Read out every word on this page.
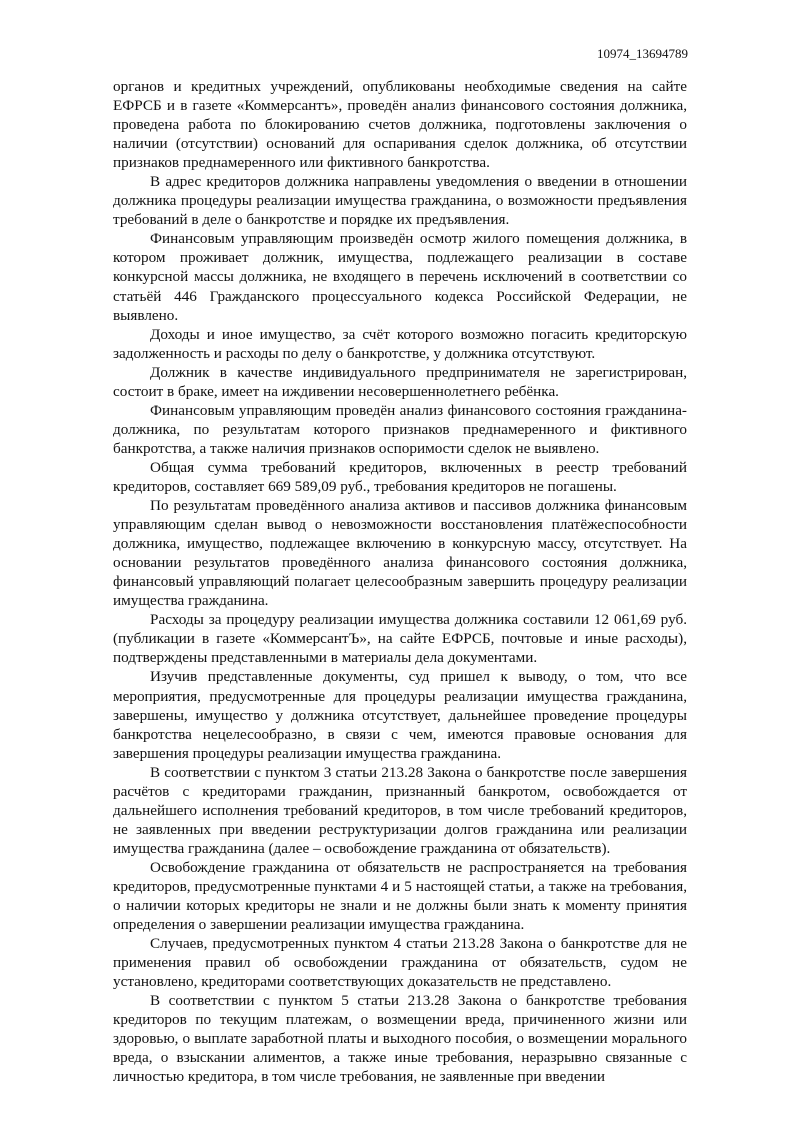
10974_13694789

органов и кредитных учреждений, опубликованы необходимые сведения на сайте ЕФРСБ и в газете «Коммерсантъ», проведён анализ финансового состояния должника, проведена работа по блокированию счетов должника, подготовлены заключения о наличии (отсутствии) оснований для оспаривания сделок должника, об отсутствии признаков преднамеренного или фиктивного банкротства.

В адрес кредиторов должника направлены уведомления о введении в отношении должника процедуры реализации имущества гражданина, о возможности предъявления требований в деле о банкротстве и порядке их предъявления.

Финансовым управляющим произведён осмотр жилого помещения должника, в котором проживает должник, имущества, подлежащего реализации в составе конкурсной массы должника, не входящего в перечень исключений в соответствии со статьёй 446 Гражданского процессуального кодекса Российской Федерации, не выявлено.

Доходы и иное имущество, за счёт которого возможно погасить кредиторскую задолженность и расходы по делу о банкротстве, у должника отсутствуют.

Должник в качестве индивидуального предпринимателя не зарегистрирован, состоит в браке, имеет на иждивении несовершеннолетнего ребёнка.

Финансовым управляющим проведён анализ финансового состояния гражданина-должника, по результатам которого признаков преднамеренного и фиктивного банкротства, а также наличия признаков оспоримости сделок не выявлено.

Общая сумма требований кредиторов, включенных в реестр требований кредиторов, составляет 669 589,09 руб., требования кредиторов не погашены.

По результатам проведённого анализа активов и пассивов должника финансовым управляющим сделан вывод о невозможности восстановления платёжеспособности должника, имущество, подлежащее включению в конкурсную массу, отсутствует. На основании результатов проведённого анализа финансового состояния должника, финансовый управляющий полагает целесообразным завершить процедуру реализации имущества гражданина.

Расходы за процедуру реализации имущества должника составили 12 061,69 руб. (публикации в газете «КоммерсантЪ», на сайте ЕФРСБ, почтовые и иные расходы), подтверждены представленными в материалы дела документами.

Изучив представленные документы, суд пришел к выводу, о том, что все мероприятия, предусмотренные для процедуры реализации имущества гражданина, завершены, имущество у должника отсутствует, дальнейшее проведение процедуры банкротства нецелесообразно, в связи с чем, имеются правовые основания для завершения процедуры реализации имущества гражданина.

В соответствии с пунктом 3 статьи 213.28 Закона о банкротстве после завершения расчётов с кредиторами гражданин, признанный банкротом, освобождается от дальнейшего исполнения требований кредиторов, в том числе требований кредиторов, не заявленных при введении реструктуризации долгов гражданина или реализации имущества гражданина (далее – освобождение гражданина от обязательств).

Освобождение гражданина от обязательств не распространяется на требования кредиторов, предусмотренные пунктами 4 и 5 настоящей статьи, а также на требования, о наличии которых кредиторы не знали и не должны были знать к моменту принятия определения о завершении реализации имущества гражданина.

Случаев, предусмотренных пунктом 4 статьи 213.28 Закона о банкротстве для не применения правил об освобождении гражданина от обязательств, судом не установлено, кредиторами соответствующих доказательств не представлено.

В соответствии с пунктом 5 статьи 213.28 Закона о банкротстве требования кредиторов по текущим платежам, о возмещении вреда, причиненного жизни или здоровью, о выплате заработной платы и выходного пособия, о возмещении морального вреда, о взыскании алиментов, а также иные требования, неразрывно связанные с личностью кредитора, в том числе требования, не заявленные при введении
